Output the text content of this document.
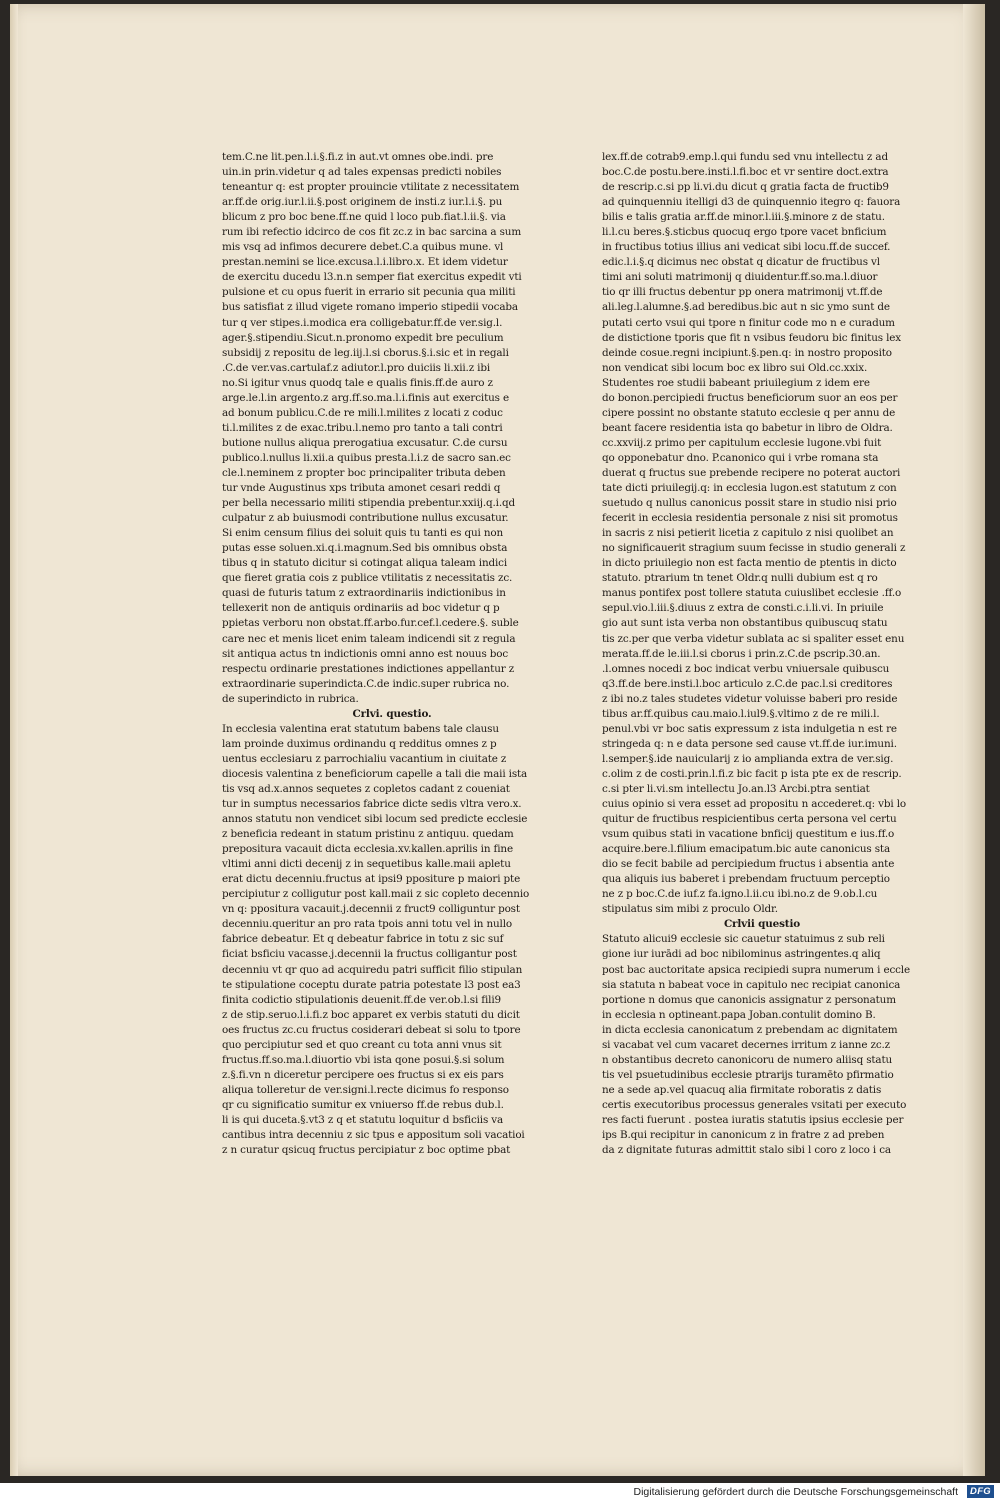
tem.C.ne lit.pen.l.i.§.fi.z in aut.vt omnes obe.indi. pre
uin.in prin.videtur q ad tales expensas predicti nobiles
teneantur q: est propter prouincie vtilitate z necessitatem
ar.ff.de orig.iur.l.ii.§.post originem de insti.z iur.l.i.§. pu
blicum z pro boc bene.ff.ne quid l loco pub.fiat.l.ii.§. via
rum ibi refectio idcirco de cos fit zc.z in bac sarcina a sum
mis vsq ad infimos decurere debet.C.a quibus mune. vl
prestan.nemini se lice.excusa.l.i.libro.x. Et idem videtur
de exercitu ducedu l3.n.n semper fiat exercitus expedit vti
pulsione et cu opus fuerit in errario sit pecunia qua militi
bus satisfiat z illud vigete romano imperio stipedii vocaba
tur q ver stipes.i.modica era colligebatur.ff.de ver.sig.l.
ager.§.stipendiu.Sicut.n.pronomo expedit bre peculium
subsidij z repositu de leg.iij.l.si cborus.§.i.sic et in regali
.C.de ver.vas.cartulaf.z adiutor.l.pro duiciis li.xii.z ibi
no.Si igitur vnus quodq tale e qualis finis.ff.de auro z
arge.le.l.in argento.z arg.ff.so.ma.l.i.finis aut exercitus e
ad bonum publicu.C.de re mili.l.milites z locati z coduc
ti.l.milites z de exac.tribu.l.nemo pro tanto a tali contri
butione nullus aliqua prerogatiua excusatur. C.de cursu
publico.l.nullus li.xii.a quibus presta.l.i.z de sacro san.ec
cle.l.neminem z propter boc principaliter tributa deben
tur vnde Augustinus xps tributa amonet cesari reddi q
per bella necessario militi stipendia prebentur.xxiij.q.i.qd
culpatur z ab buiusmodi contributione nullus excusatur.
Si enim censum filius dei soluit quis tu tanti es qui non
putas esse soluen.xi.q.i.magnum.Sed bis omnibus obsta
tibus q in statuto dicitur si cotingat aliqua taleam indici
que fieret gratia cois z publice vtilitatis z necessitatis zc.
quasi de futuris tatum z extraordinariis indictionibus in
tellexerit non de antiquis ordinariis ad boc videtur q p
ppietas verboru non obstat.ff.arbo.fur.cef.l.cedere.§. suble
care nec et menis licet enim taleam indicendi sit z regula
sit antiqua actus tn indictionis omni anno est nouus boc
respectu ordinarie prestationes indictiones appellantur z
extraordinarie superindicta.C.de indic.super rubrica no.
de superindicto in rubrica.
Crlvi. questio.
In ecclesia valentina erat statutum babens tale clausu
lam proinde duximus ordinandu q redditus omnes z p
uentus ecclesiaru z parrochialiu vacantium in ciuitate z
diocesis valentina z beneficiorum capelle a tali die maii ista
tis vsq ad.x.annos sequetes z copletos cadant z coueniat
tur in sumptus necessarios fabrice dicte sedis vltra vero.x.
annos statutu non vendicet sibi locum sed predicte ecclesie
z beneficia redeant in statum pristinu z antiquu. quedam
prepositura vacauit dicta ecclesia.xv.kallen.aprilis in fine
vltimi anni dicti decenij z in sequetibus kalle.maii apletu
erat dictu decenniu.fructus at ipsi9 ppositure p maiori pte
percipiutur z colligutur post kall.maii z sic copleto decennio
vn q: ppositura vacauit.j.decennii z fruct9 colliguntur post
decenniu.queritur an pro rata tpois anni totu vel in nullo
fabrice debeatur. Et q debeatur fabrice in totu z sic suf
ficiat bsficiu vacasse.j.decennii la fructus colligantur post
decenniu vt qr quo ad acquiredu patri sufficit filio stipulan
te stipulatione coceptu durate patria potestate l3 post ea3
finita codictio stipulationis deuenit.ff.de ver.ob.l.si fili9
z de stip.seruo.l.i.fi.z boc apparet ex verbis statuti du dicit
oes fructus zc.cu fructus cosiderari debeat si solu to tpore
quo percipiutur sed et quo creant cu tota anni vnus sit
fructus.ff.so.ma.l.diuortio vbi ista qone posui.§.si solum
z.§.fi.vn n diceretur percipere oes fructus si ex eis pars
aliqua tolleretur de ver.signi.l.recte dicimus fo responso
qr cu significatio sumitur ex vniuerso ff.de rebus dub.l.
li is qui duceta.§.vt3 z q et statutu loquitur d bsficiis va
cantibus intra decenniu z sic tpus e appositum soli vacatioi
z n curatur qsicuq fructus percipiatur z boc optime pbat
lex.ff.de cotrab9.emp.l.qui fundu sed vnu intellectu z ad
boc.C.de postu.bere.insti.l.fi.boc et vr sentire doct.extra
de rescrip.c.si pp li.vi.du dicut q gratia facta de fructib9
ad quinquenniu itelligi d3 de quinquennio itegro q: fauora
bilis e talis gratia ar.ff.de minor.l.iii.§.minore z de statu.
li.l.cu beres.§.sticbus quocuq ergo tpore vacet bnficium
in fructibus totius illius ani vedicat sibi locu.ff.de succef.
edic.l.i.§.q dicimus nec obstat q dicatur de fructibus vl
timi ani soluti matrimonij q diuidentur.ff.so.ma.l.diuor
tio qr illi fructus debentur pp onera matrimonij vt.ff.de
ali.leg.l.alumne.§.ad beredibus.bic aut n sic ymo sunt de
putati certo vsui qui tpore n finitur code mo n e curadum
de distictione tporis que fit n vsibus feudoru bic finitus lex
deinde cosue.regni incipiunt.§.pen.q: in nostro proposito
non vendicat sibi locum boc ex libro sui Old.cc.xxix.
Studentes roe studii babeant priuilegium z idem ere
do bonon.percipiedi fructus beneficiorum suor an eos per
cipere possint no obstante statuto ecclesie q per annu de
beant facere residentia ista qo babetur in libro de Oldra.
cc.xxviij.z primo per capitulum ecclesie lugone.vbi fuit
qo opponebatur dno. P.canonico qui i vrbe romana sta
duerat q fructus sue prebende recipere no poterat auctori
tate dicti priuilegij.q: in ecclesia lugon.est statutum z con
suetudo q nullus canonicus possit stare in studio nisi prio
fecerit in ecclesia residentia personale z nisi sit promotus
in sacris z nisi petierit licetia z capitulo z nisi quolibet an
no significauerit stragium suum fecisse in studio generali z
in dicto priuilegio non est facta mentio de ptentis in dicto
statuto. ptrarium tn tenet Oldr.q nulli dubium est q ro
manus pontifex post tollere statuta cuiuslibet ecclesie .ff.o
sepul.vio.l.iii.§.diuus z extra de consti.c.i.li.vi. In priuile
gio aut sunt ista verba non obstantibus quibuscuq statu
tis zc.per que verba videtur sublata ac si spaliter esset enu
merata.ff.de le.iii.l.si cborus i prin.z.C.de pscrip.30.an.
.l.omnes nocedi z boc indicat verbu vniuersale quibuscu
q3.ff.de bere.insti.l.boc articulo z.C.de pac.l.si creditores
z ibi no.z tales studetes videtur voluisse baberi pro reside
tibus ar.ff.quibus cau.maio.l.iul9.§.vltimo z de re mili.l.
penul.vbi vr boc satis expressum z ista indulgetia n est re
stringeda q: n e data persone sed cause vt.ff.de iur.imuni.
l.semper.§.ide nauicularij z io amplianda extra de ver.sig.
c.olim z de costi.prin.l.fi.z bic facit p ista pte ex de rescrip.
c.si pter li.vi.sm intellectu Jo.an.l3 Arcbi.ptra sentiat
cuius opinio si vera esset ad propositu n accederet.q: vbi lo
quitur de fructibus respicientibus certa persona vel certu
vsum quibus stati in vacatione bnficij questitum e ius.ff.o
acquire.bere.l.filium emacipatum.bic aute canonicus sta
dio se fecit babile ad percipiedum fructus i absentia ante
qua aliquis ius baberet i prebendam fructuum perceptio
ne z p boc.C.de iuf.z fa.igno.l.ii.cu ibi.no.z de 9.ob.l.cu
stipulatus sim mibi z proculo Oldr.
Crlvii questio
Statuto alicui9 ecclesie sic cauetur statuimus z sub reli
gione iur iurādi ad boc nibilominus astringentes.q aliq
post bac auctoritate apsica recipiedi supra numerum i eccle
sia statuta n babeat voce in capitulo nec recipiat canonica
portione n domus que canonicis assignatur z personatum
in ecclesia n optineant.papa Joban.contulit domino B.
in dicta ecclesia canonicatum z prebendam ac dignitatem
si vacabat vel cum vacaret decernes irritum z ianne zc.z
n obstantibus decreto canonicoru de numero aliisq statu
tis vel psuetudinibus ecclesie ptrarijs turamēto pfirmatio
ne a sede ap.vel quacuq alia firmitate roboratis z datis
certis executoribus processus generales vsitati per executo
res facti fuerunt . postea iuratis statutis ipsius ecclesie per
ips B.qui recipitur in canonicum z in fratre z ad preben
da z dignitate futuras admittit stalo sibi l coro z loco i ca
Digitalisierung gefördert durch die Deutsche Forschungsgemeinschaft	DFG
